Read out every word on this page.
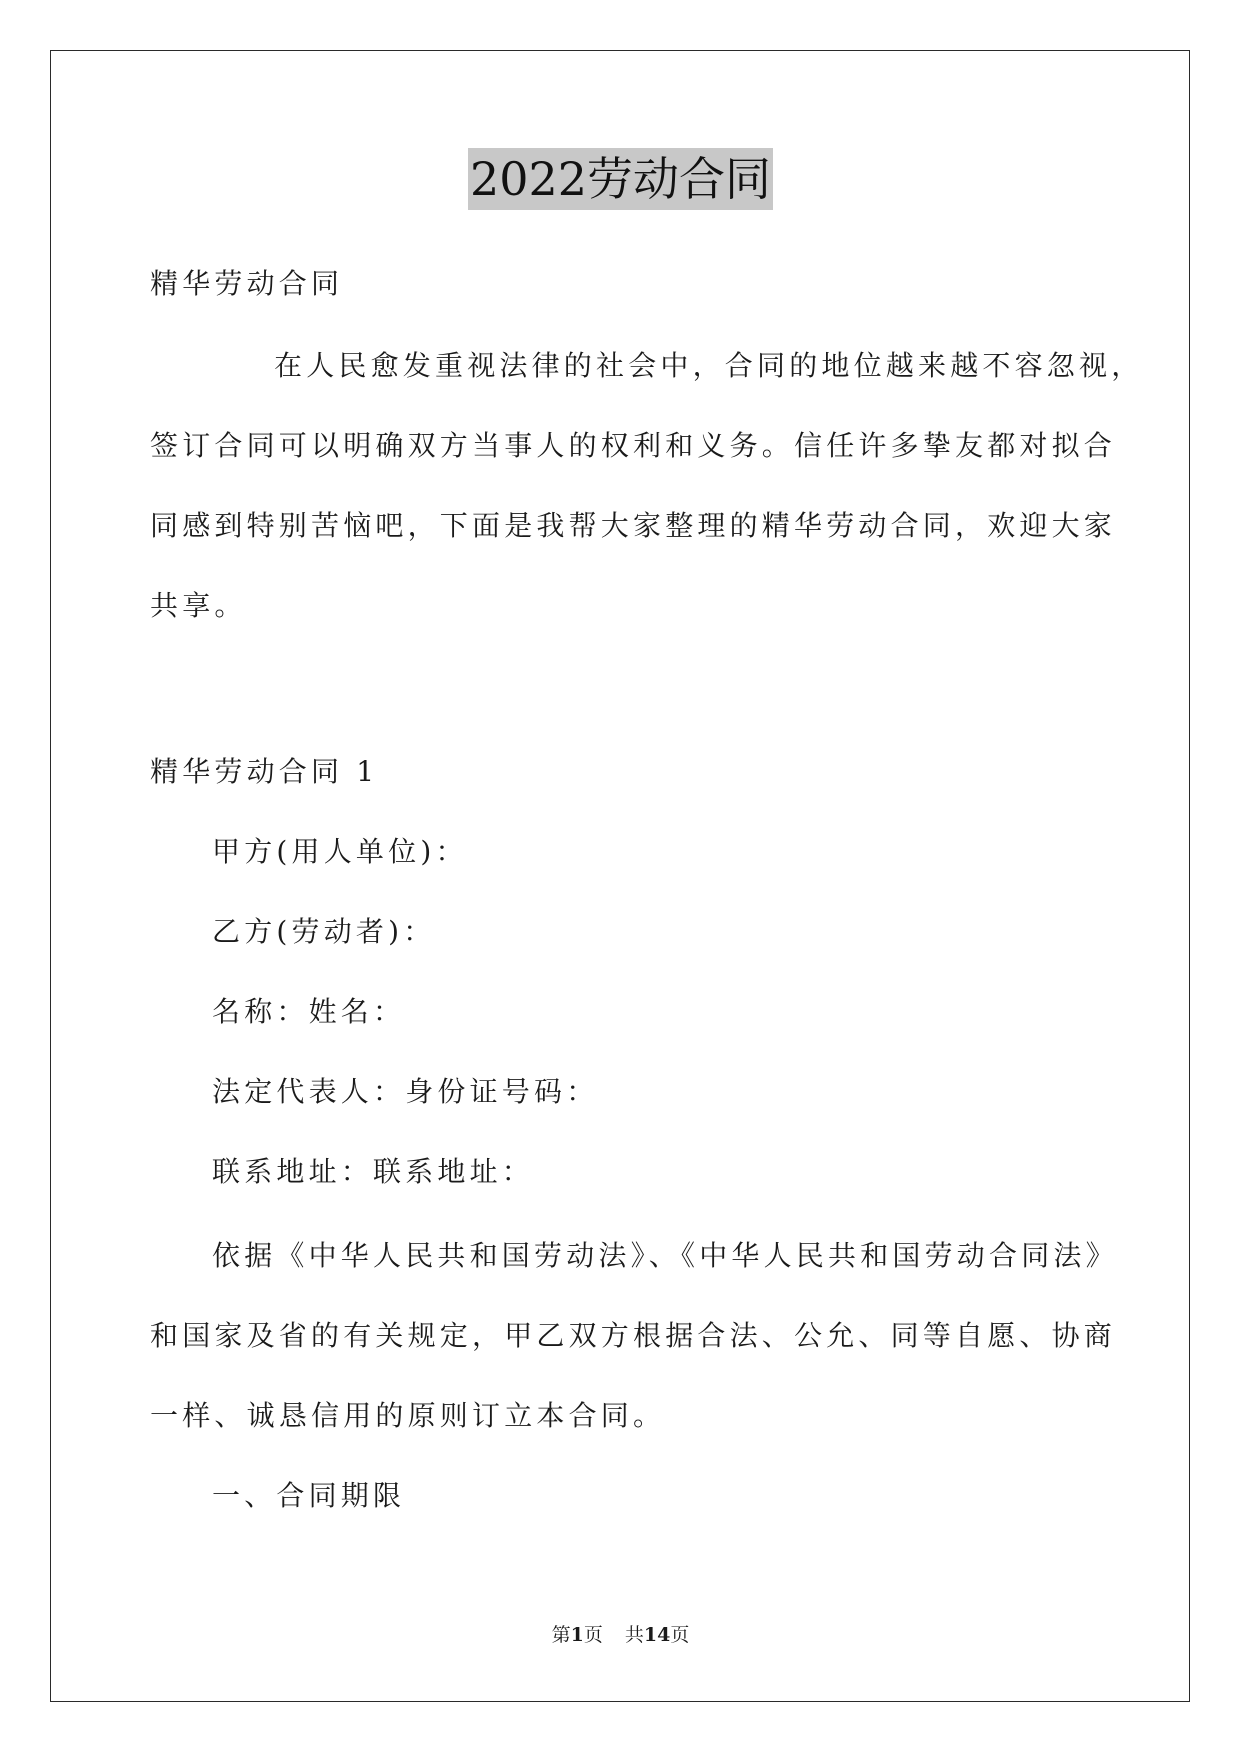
2022劳动合同
精华劳动合同
在人民愈发重视法律的社会中，合同的地位越来越不容忽视，
签订合同可以明确双方当事人的权利和义务。信任许多挚友都对拟合
同感到特别苦恼吧，下面是我帮大家整理的精华劳动合同，欢迎大家
共享。
精华劳动合同 1
甲方(用人单位)：
乙方(劳动者)：
名称：姓名：
法定代表人：身份证号码：
联系地址：联系地址：
依据《中华人民共和国劳动法》、《中华人民共和国劳动合同法》
和国家及省的有关规定，甲乙双方根据合法、公允、同等自愿、协商
一样、诚恳信用的原则订立本合同。
一、合同期限
第1页 共14页
